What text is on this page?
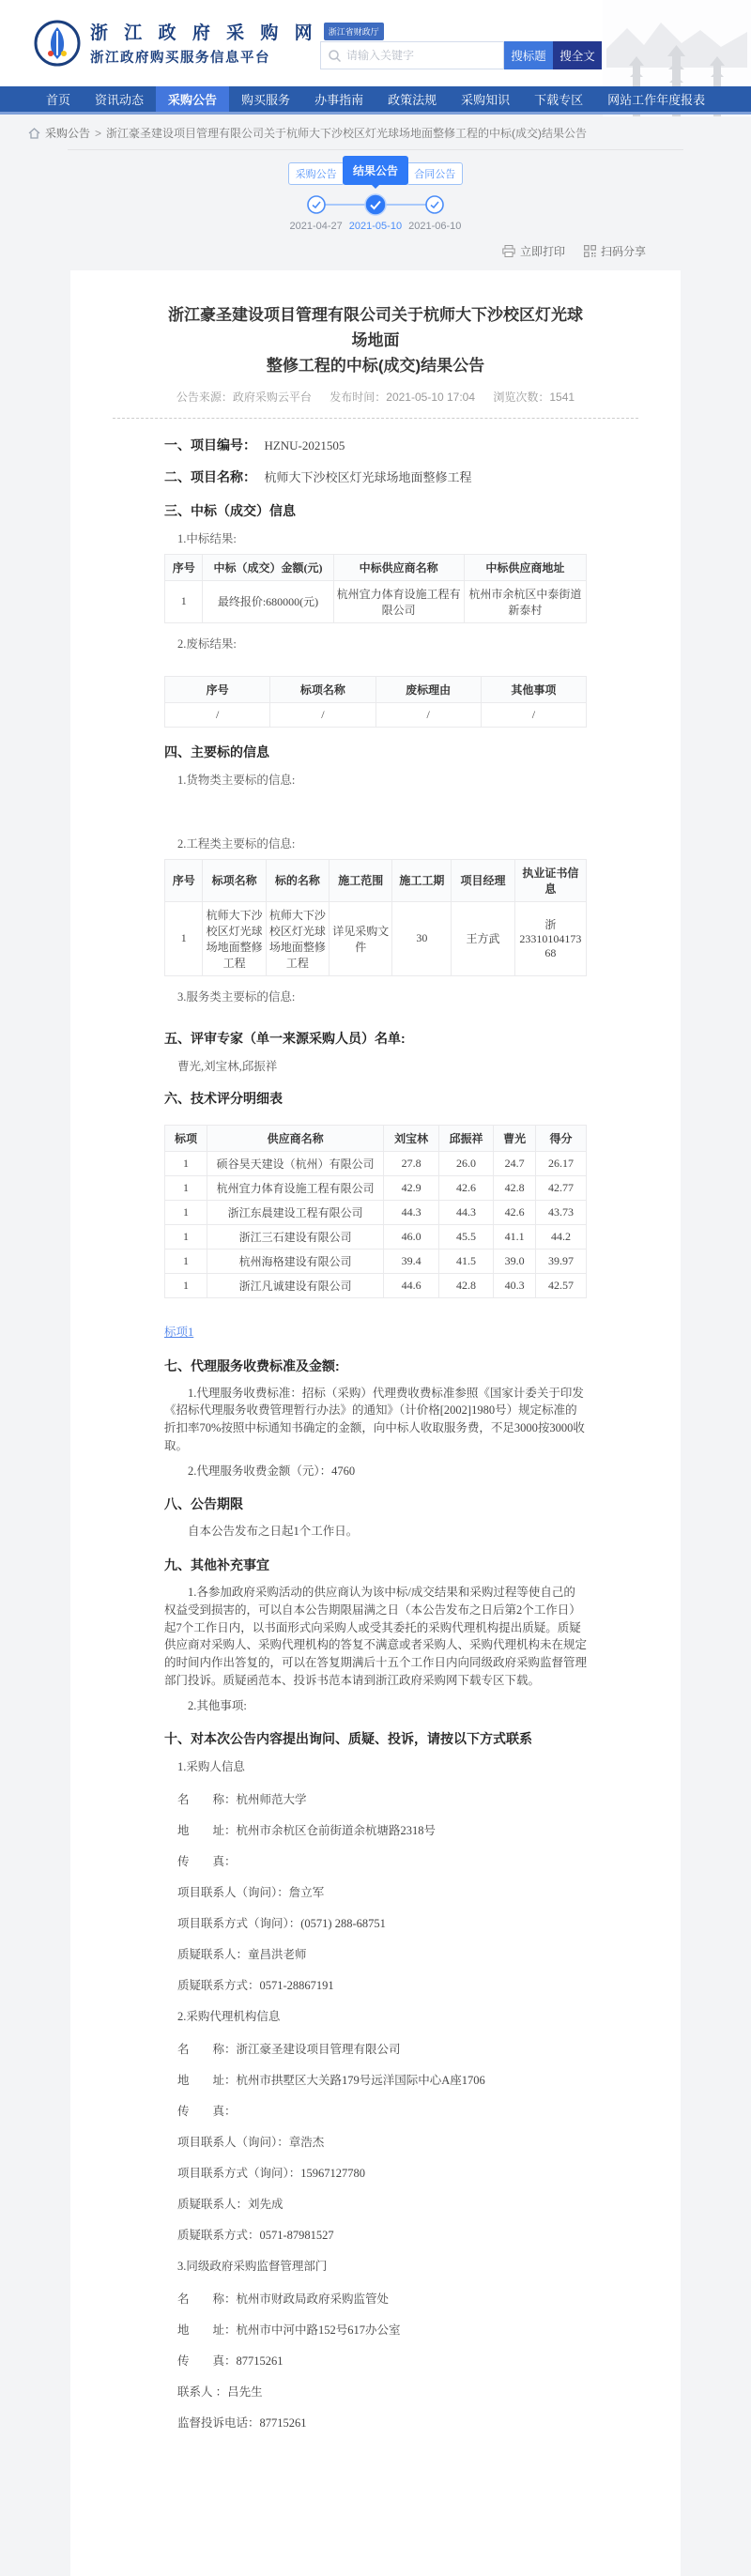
浙 江 政 府 采 购 网	浙江省财政厅
浙江政府购买服务信息平台
请输入关键字	搜标题	搜全文
首页	资讯动态	采购公告	购买服务	办事指南	政策法规	采购知识	下载专区	网站工作年度报表
采购公告 > 浙江豪圣建设项目管理有限公司关于杭师大下沙校区灯光球场地面整修工程的中标(成交)结果公告
采购公告	结果公告	合同公告
2021-04-27 2021-05-10 2021-06-10
立即打印	扫码分享
浙江豪圣建设项目管理有限公司关于杭师大下沙校区灯光球场地面
整修工程的中标(成交)结果公告
公告来源：政府采购云平台 发布时间：2021-05-10 17:04 浏览次数：1541
一、项目编号： HZNU-2021505
二、项目名称： 杭师大下沙校区灯光球场地面整修工程
三、中标（成交）信息
1.中标结果:
序号	中标（成交）金额(元)	中标供应商名称	中标供应商地址
1	最终报价:680000(元)	杭州宜力体育设施工程有限公司	杭州市余杭区中泰街道新泰村
2.废标结果:
序号	标项名称	废标理由	其他事项
/	/	/	/
四、主要标的信息
1.货物类主要标的信息:
2.工程类主要标的信息:
序号	标项名称	标的名称	施工范围	施工工期	项目经理	执业证书信息
1	杭师大下沙校区灯光球场地面整修工程	杭师大下沙校区灯光球场地面整修工程	详见采购文件	30	王方武	浙 2331010417368
3.服务类主要标的信息:
五、评审专家（单一来源采购人员）名单:
曹光,刘宝林,邱振祥
六、技术评分明细表
标项	供应商名称	刘宝林	邱振祥	曹光	得分
1	硕谷昊天建设（杭州）有限公司	27.8	26.0	24.7	26.17
1	杭州宜力体育设施工程有限公司	42.9	42.6	42.8	42.77
1	浙江东晨建设工程有限公司	44.3	44.3	42.6	43.73
1	浙江三石建设有限公司	46.0	45.5	41.1	44.2
1	杭州海格建设有限公司	39.4	41.5	39.0	39.97
1	浙江凡诚建设有限公司	44.6	42.8	40.3	42.57
标项1
七、代理服务收费标准及金额:

1.代理服务收费标准：招标（采购）代理费收费标准参照《国家计委关于印发《招标代理服务收费管理暂行办法》的通知》（计价格[2002]1980号）规定标准的折扣率70%按照中标通知书确定的金额，向中标人收取服务费，不足3000按3000收取。

2.代理服务收费金额（元）：4760

八、公告期限

自本公告发布之日起1个工作日。

九、其他补充事宜

1.各参加政府采购活动的供应商认为该中标/成交结果和采购过程等使自己的权益受到损害的，可以自本公告期限届满之日（本公告发布之日后第2个工作日）起7个工作日内，以书面形式向采购人或受其委托的采购代理机构提出质疑。质疑供应商对采购人、采购代理机构的答复不满意或者采购人、采购代理机构未在规定的时间内作出答复的，可以在答复期满后十五个工作日内向同级政府采购监督管理部门投诉。质疑函范本、投诉书范本请到浙江政府采购网下载专区下载。

2.其他事项:

十、对本次公告内容提出询问、质疑、投诉，请按以下方式联系
1.采购人信息
名　　称：杭州师范大学
地　　址：杭州市余杭区仓前街道余杭塘路2318号
传　　真：
项目联系人（询问）：詹立军
项目联系方式（询问）：(0571) 288-68751
质疑联系人：童昌洪老师
质疑联系方式：0571-28867191
2.采购代理机构信息
名　　称：浙江豪圣建设项目管理有限公司
地　　址：杭州市拱墅区大关路179号远洋国际中心A座1706
传　　真：
项目联系人（询问）：章浩杰
项目联系方式（询问）：15967127780
质疑联系人：刘先成
质疑联系方式：0571-87981527
3.同级政府采购监督管理部门
名　　称：杭州市财政局政府采购监管处
地　　址：杭州市中河中路152号617办公室
传　　真：87715261
联系人 ：吕先生
监督投诉电话：87715261
